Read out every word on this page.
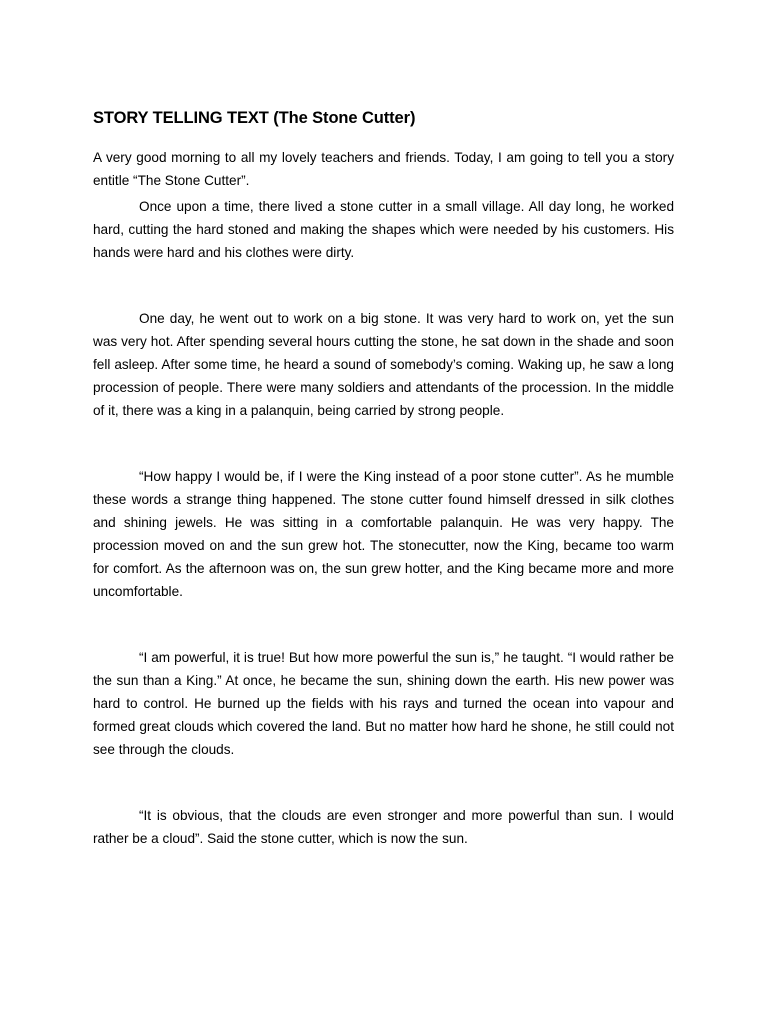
STORY TELLING TEXT (The Stone Cutter)

A very good morning to all my lovely teachers and friends. Today, I am going to tell you a story entitle “The Stone Cutter”.

Once upon a time, there lived a stone cutter in a small village. All day long, he worked hard, cutting the hard stoned and making the shapes which were needed by his customers. His hands were hard and his clothes were dirty.

One day, he went out to work on a big stone. It was very hard to work on, yet the sun was very hot. After spending several hours cutting the stone, he sat down in the shade and soon fell asleep. After some time, he heard a sound of somebody’s coming. Waking up, he saw a long procession of people. There were many soldiers and attendants of the procession. In the middle of it, there was a king in a palanquin, being carried by strong people.

“How happy I would be, if I were the King instead of a poor stone cutter”. As he mumble these words a strange thing happened. The stone cutter found himself dressed in silk clothes and shining jewels. He was sitting in a comfortable palanquin. He was very happy. The procession moved on and the sun grew hot. The stonecutter, now the King, became too warm for comfort. As the afternoon was on, the sun grew hotter, and the King became more and more uncomfortable.

“I am powerful, it is true! But how more powerful the sun is,” he taught. “I would rather be the sun than a King.” At once, he became the sun, shining down the earth. His new power was hard to control. He burned up the fields with his rays and turned the ocean into vapour and formed great clouds which covered the land. But no matter how hard he shone, he still could not see through the clouds.

“It is obvious, that the clouds are even stronger and more powerful than sun. I would rather be a cloud”. Said the stone cutter, which is now the sun.
